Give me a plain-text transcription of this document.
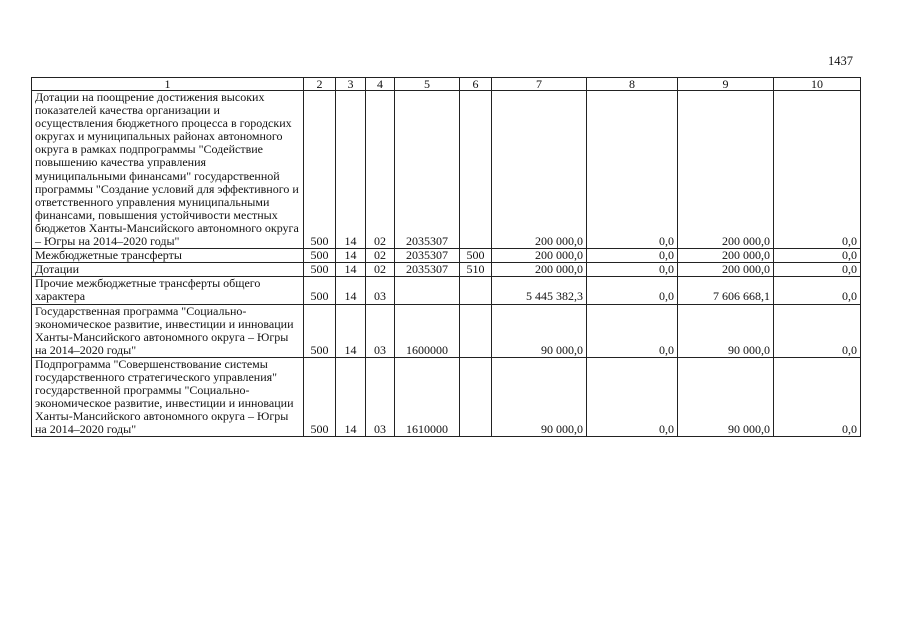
1437
1	2	3	4	5	6	7	8	9	10
Дотации на поощрение достижения высоких показателей качества организации и осуществления бюджетного процесса в городских округах и муниципальных районах автономного округа в рамках подпрограммы "Содействие повышению качества управления муниципальными финансами" государственной программы "Создание условий для эффективного и ответственного управления муниципальными финансами, повышения устойчивости местных бюджетов Ханты-Мансийского автономного округа – Югры на 2014–2020 годы"	500	14	02	2035307		200 000,0	0,0	200 000,0	0,0
Межбюджетные трансферты	500	14	02	2035307	500	200 000,0	0,0	200 000,0	0,0
Дотации	500	14	02	2035307	510	200 000,0	0,0	200 000,0	0,0
Прочие межбюджетные трансферты общего характера	500	14	03			5 445 382,3	0,0	7 606 668,1	0,0
Государственная программа "Социально-экономическое развитие, инвестиции и инновации Ханты-Мансийского автономного округа – Югры на 2014–2020 годы"	500	14	03	1600000		90 000,0	0,0	90 000,0	0,0
Подпрограмма "Совершенствование системы государственного стратегического управления" государственной программы "Социально-экономическое развитие, инвестиции и инновации Ханты-Мансийского автономного округа – Югры на 2014–2020 годы"	500	14	03	1610000		90 000,0	0,0	90 000,0	0,0
